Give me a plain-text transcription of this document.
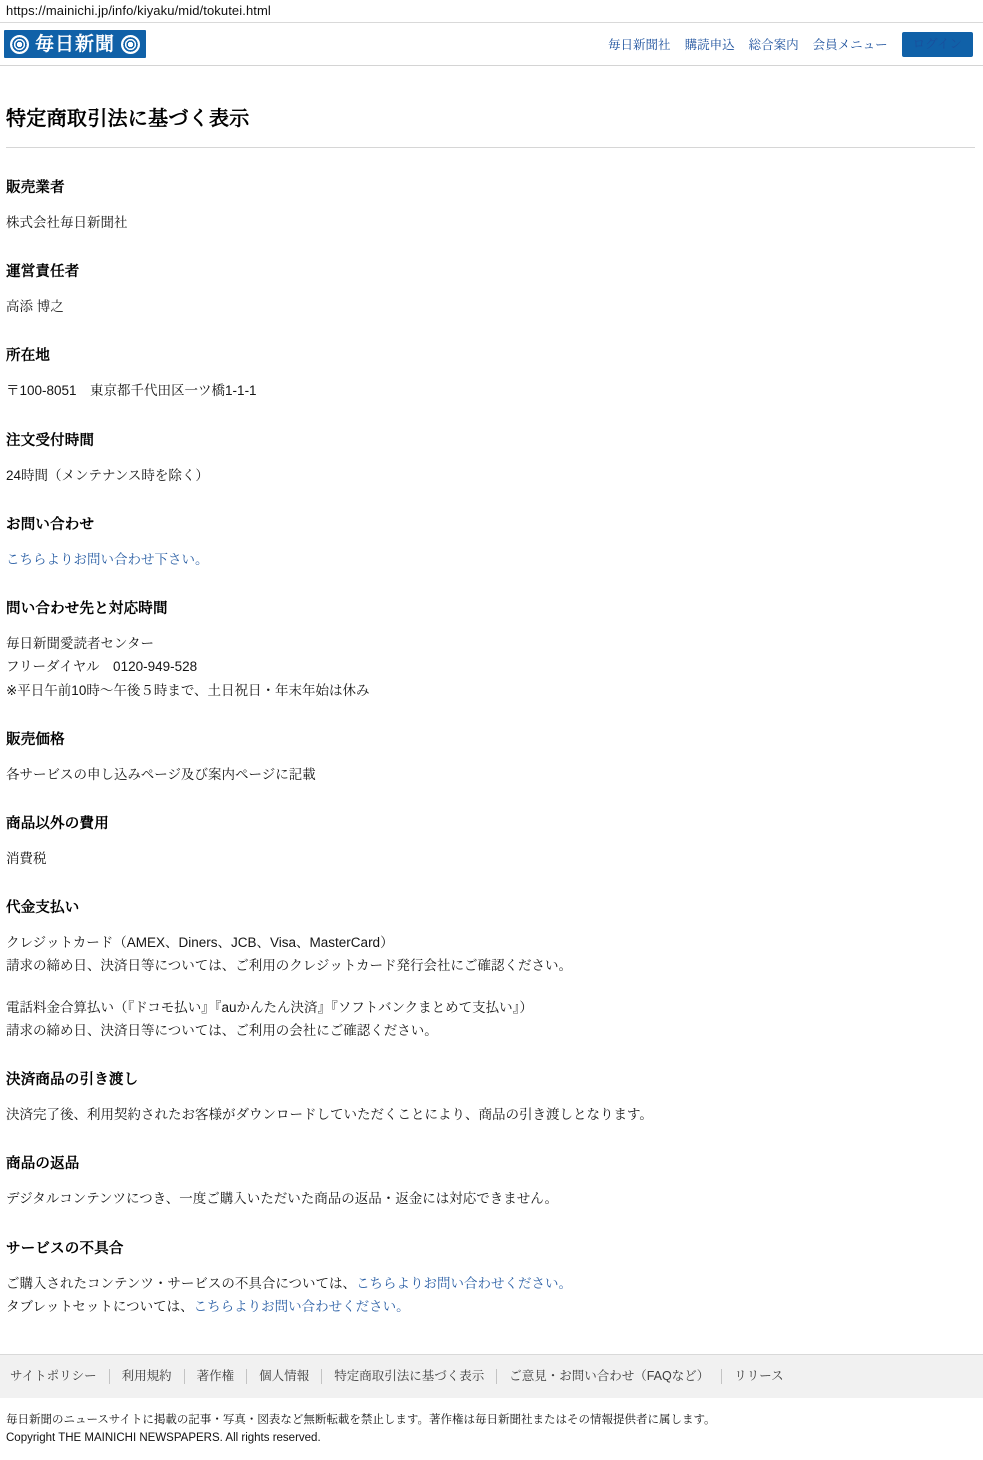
https://mainichi.jp/info/kiyaku/mid/tokutei.html
毎日新聞	毎日新聞社 購読申込 総合案内 会員メニュー	ログイン
特定商取引法に基づく表示
販売業者

株式会社毎日新聞社

運営責任者

高添 博之

所在地

〒100-8051　東京都千代田区一ツ橋1-1-1

注文受付時間

24時間（メンテナンス時を除く）

お問い合わせ

こちらよりお問い合わせ下さい。

問い合わせ先と対応時間

毎日新聞愛読者センター

フリーダイヤル　0120-949-528

※平日午前10時～午後５時まで、土日祝日・年末年始は休み

販売価格

各サービスの申し込みページ及び案内ページに記載

商品以外の費用

消費税

代金支払い

クレジットカード（AMEX、Diners、JCB、Visa、MasterCard）

請求の締め日、決済日等については、ご利用のクレジットカード発行会社にご確認ください。

電話料金合算払い（『ドコモ払い』『auかんたん決済』『ソフトバンクまとめて支払い』）

請求の締め日、決済日等については、ご利用の会社にご確認ください。

決済商品の引き渡し

決済完了後、利用契約されたお客様がダウンロードしていただくことにより、商品の引き渡しとなります。

商品の返品

デジタルコンテンツにつき、一度ご購入いただいた商品の返品・返金には対応できません。

サービスの不具合

ご購入されたコンテンツ・サービスの不具合については、こちらよりお問い合わせください。

タブレットセットについては、こちらよりお問い合わせください。

サイトポリシー	利用規約	著作権	個人情報	特定商取引法に基づく表示	ご意見・お問い合わせ（FAQなど）	リリース
毎日新聞のニュースサイトに掲載の記事・写真・図表など無断転載を禁止します。著作権は毎日新聞社またはその情報提供者に属します。
Copyright THE MAINICHI NEWSPAPERS. All rights reserved.
